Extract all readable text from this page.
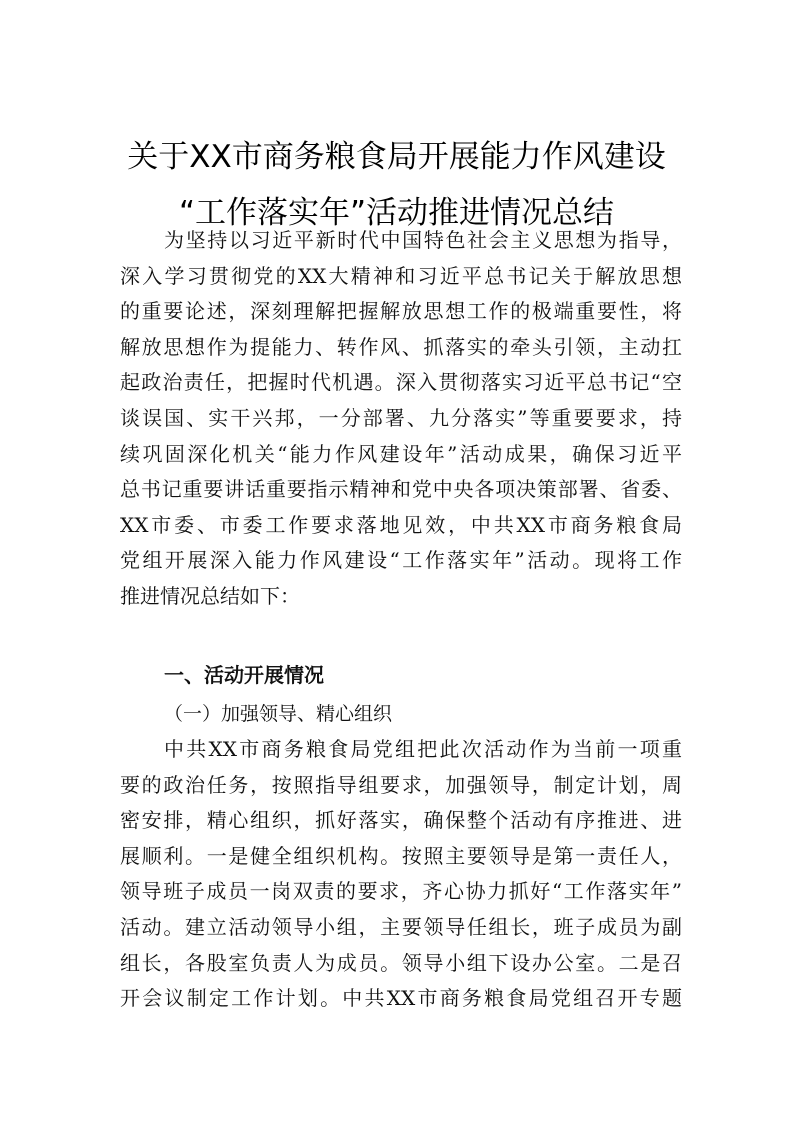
关于XX市商务粮食局开展能力作风建设
“工作落实年”活动推进情况总结
为坚持以习近平新时代中国特色社会主义思想为指导，
深入学习贯彻党的XX大精神和习近平总书记关于解放思想
的重要论述，深刻理解把握解放思想工作的极端重要性，将
解放思想作为提能力、转作风、抓落实的牵头引领，主动扛
起政治责任，把握时代机遇。深入贯彻落实习近平总书记“空
谈误国、实干兴邦，一分部署、九分落实”等重要要求，持
续巩固深化机关“能力作风建设年”活动成果，确保习近平
总书记重要讲话重要指示精神和党中央各项决策部署、省委、
XX市委、市委工作要求落地见效，中共XX市商务粮食局
党组开展深入能力作风建设“工作落实年”活动。现将工作
推进情况总结如下：
一、活动开展情况
（一）加强领导、精心组织
中共XX市商务粮食局党组把此次活动作为当前一项重
要的政治任务，按照指导组要求，加强领导，制定计划，周
密安排，精心组织，抓好落实，确保整个活动有序推进、进
展顺利。一是健全组织机构。按照主要领导是第一责任人，
领导班子成员一岗双责的要求，齐心协力抓好“工作落实年”
活动。建立活动领导小组，主要领导任组长，班子成员为副
组长，各股室负责人为成员。领导小组下设办公室。二是召
开会议制定工作计划。中共XX市商务粮食局党组召开专题
